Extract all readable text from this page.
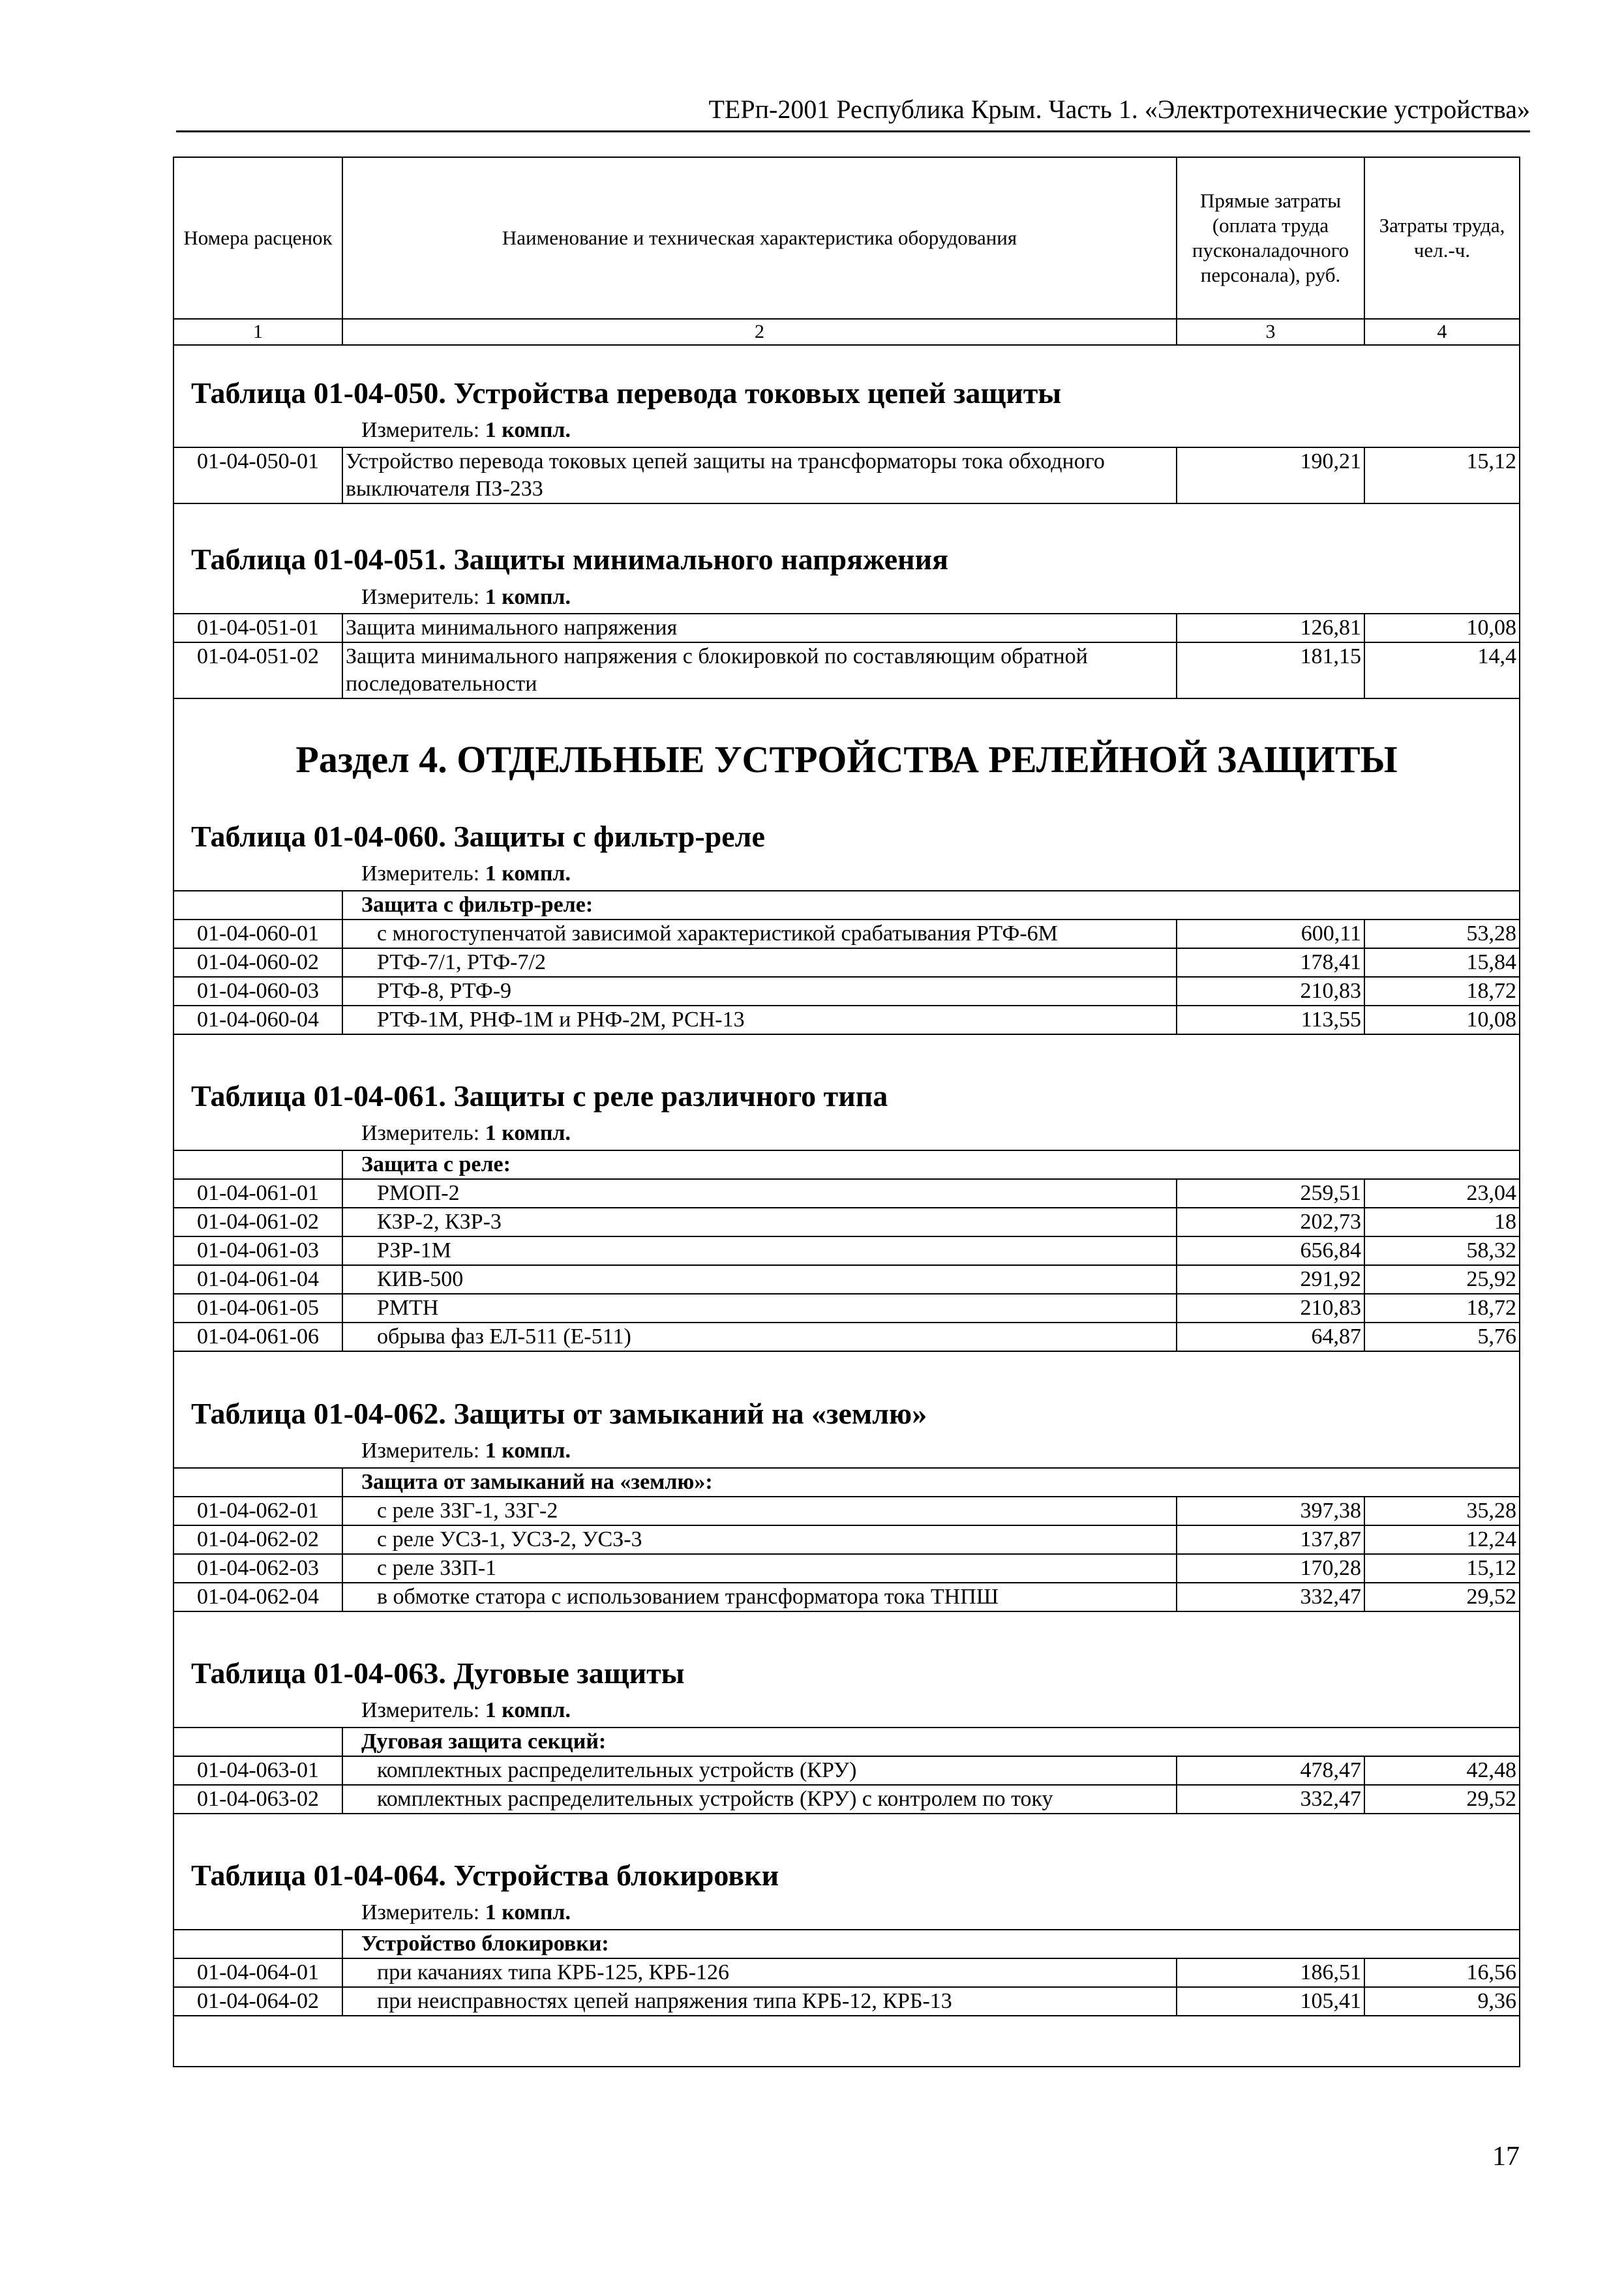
ТЕРп-2001 Республика Крым. Часть 1. «Электротехнические устройства»
Номера расценок	Наименование и техническая характеристика оборудования	Прямые затраты (оплата труда пусконаладочного персонала), руб.	Затраты труда, чел.-ч.
1	2	3	4
Таблица 01-04-050. Устройства перевода токовых цепей защиты
Измеритель: 1 компл.
01-04-050-01	Устройство перевода токовых цепей защиты на трансформаторы тока обходного выключателя ПЗ-233	190,21	15,12
Таблица 01-04-051. Защиты минимального напряжения
Измеритель: 1 компл.
01-04-051-01	Защита минимального напряжения	126,81	10,08
01-04-051-02	Защита минимального напряжения с блокировкой по составляющим обратной последовательности	181,15	14,4
Раздел 4. ОТДЕЛЬНЫЕ УСТРОЙСТВА РЕЛЕЙНОЙ ЗАЩИТЫ
Таблица 01-04-060. Защиты с фильтр-реле
Измеритель: 1 компл.
	Защита с фильтр-реле:		
01-04-060-01	с многоступенчатой зависимой характеристикой срабатывания РТФ-6М	600,11	53,28
01-04-060-02	РТФ-7/1, РТФ-7/2	178,41	15,84
01-04-060-03	РТФ-8, РТФ-9	210,83	18,72
01-04-060-04	РТФ-1М, РНФ-1М и РНФ-2М, РСН-13	113,55	10,08
Таблица 01-04-061. Защиты с реле различного типа
Измеритель: 1 компл.
	Защита с реле:		
01-04-061-01	РМОП-2	259,51	23,04
01-04-061-02	КЗР-2, КЗР-3	202,73	18
01-04-061-03	РЗР-1М	656,84	58,32
01-04-061-04	КИВ-500	291,92	25,92
01-04-061-05	РМТН	210,83	18,72
01-04-061-06	обрыва фаз ЕЛ-511 (Е-511)	64,87	5,76
Таблица 01-04-062. Защиты от замыканий на «землю»
Измеритель: 1 компл.
	Защита от замыканий на «землю»:		
01-04-062-01	с реле ЗЗГ-1, ЗЗГ-2	397,38	35,28
01-04-062-02	с реле УСЗ-1, УСЗ-2, УСЗ-3	137,87	12,24
01-04-062-03	с реле ЗЗП-1	170,28	15,12
01-04-062-04	в обмотке статора с использованием трансформатора тока ТНПШ	332,47	29,52
Таблица 01-04-063. Дуговые защиты
Измеритель: 1 компл.
	Дуговая защита секций:		
01-04-063-01	комплектных распределительных устройств (КРУ)	478,47	42,48
01-04-063-02	комплектных распределительных устройств (КРУ) с контролем по току	332,47	29,52
Таблица 01-04-064. Устройства блокировки
Измеритель: 1 компл.
	Устройство блокировки:		
01-04-064-01	при качаниях типа КРБ-125, КРБ-126	186,51	16,56
01-04-064-02	при неисправностях цепей напряжения типа КРБ-12, КРБ-13	105,41	9,36
17
